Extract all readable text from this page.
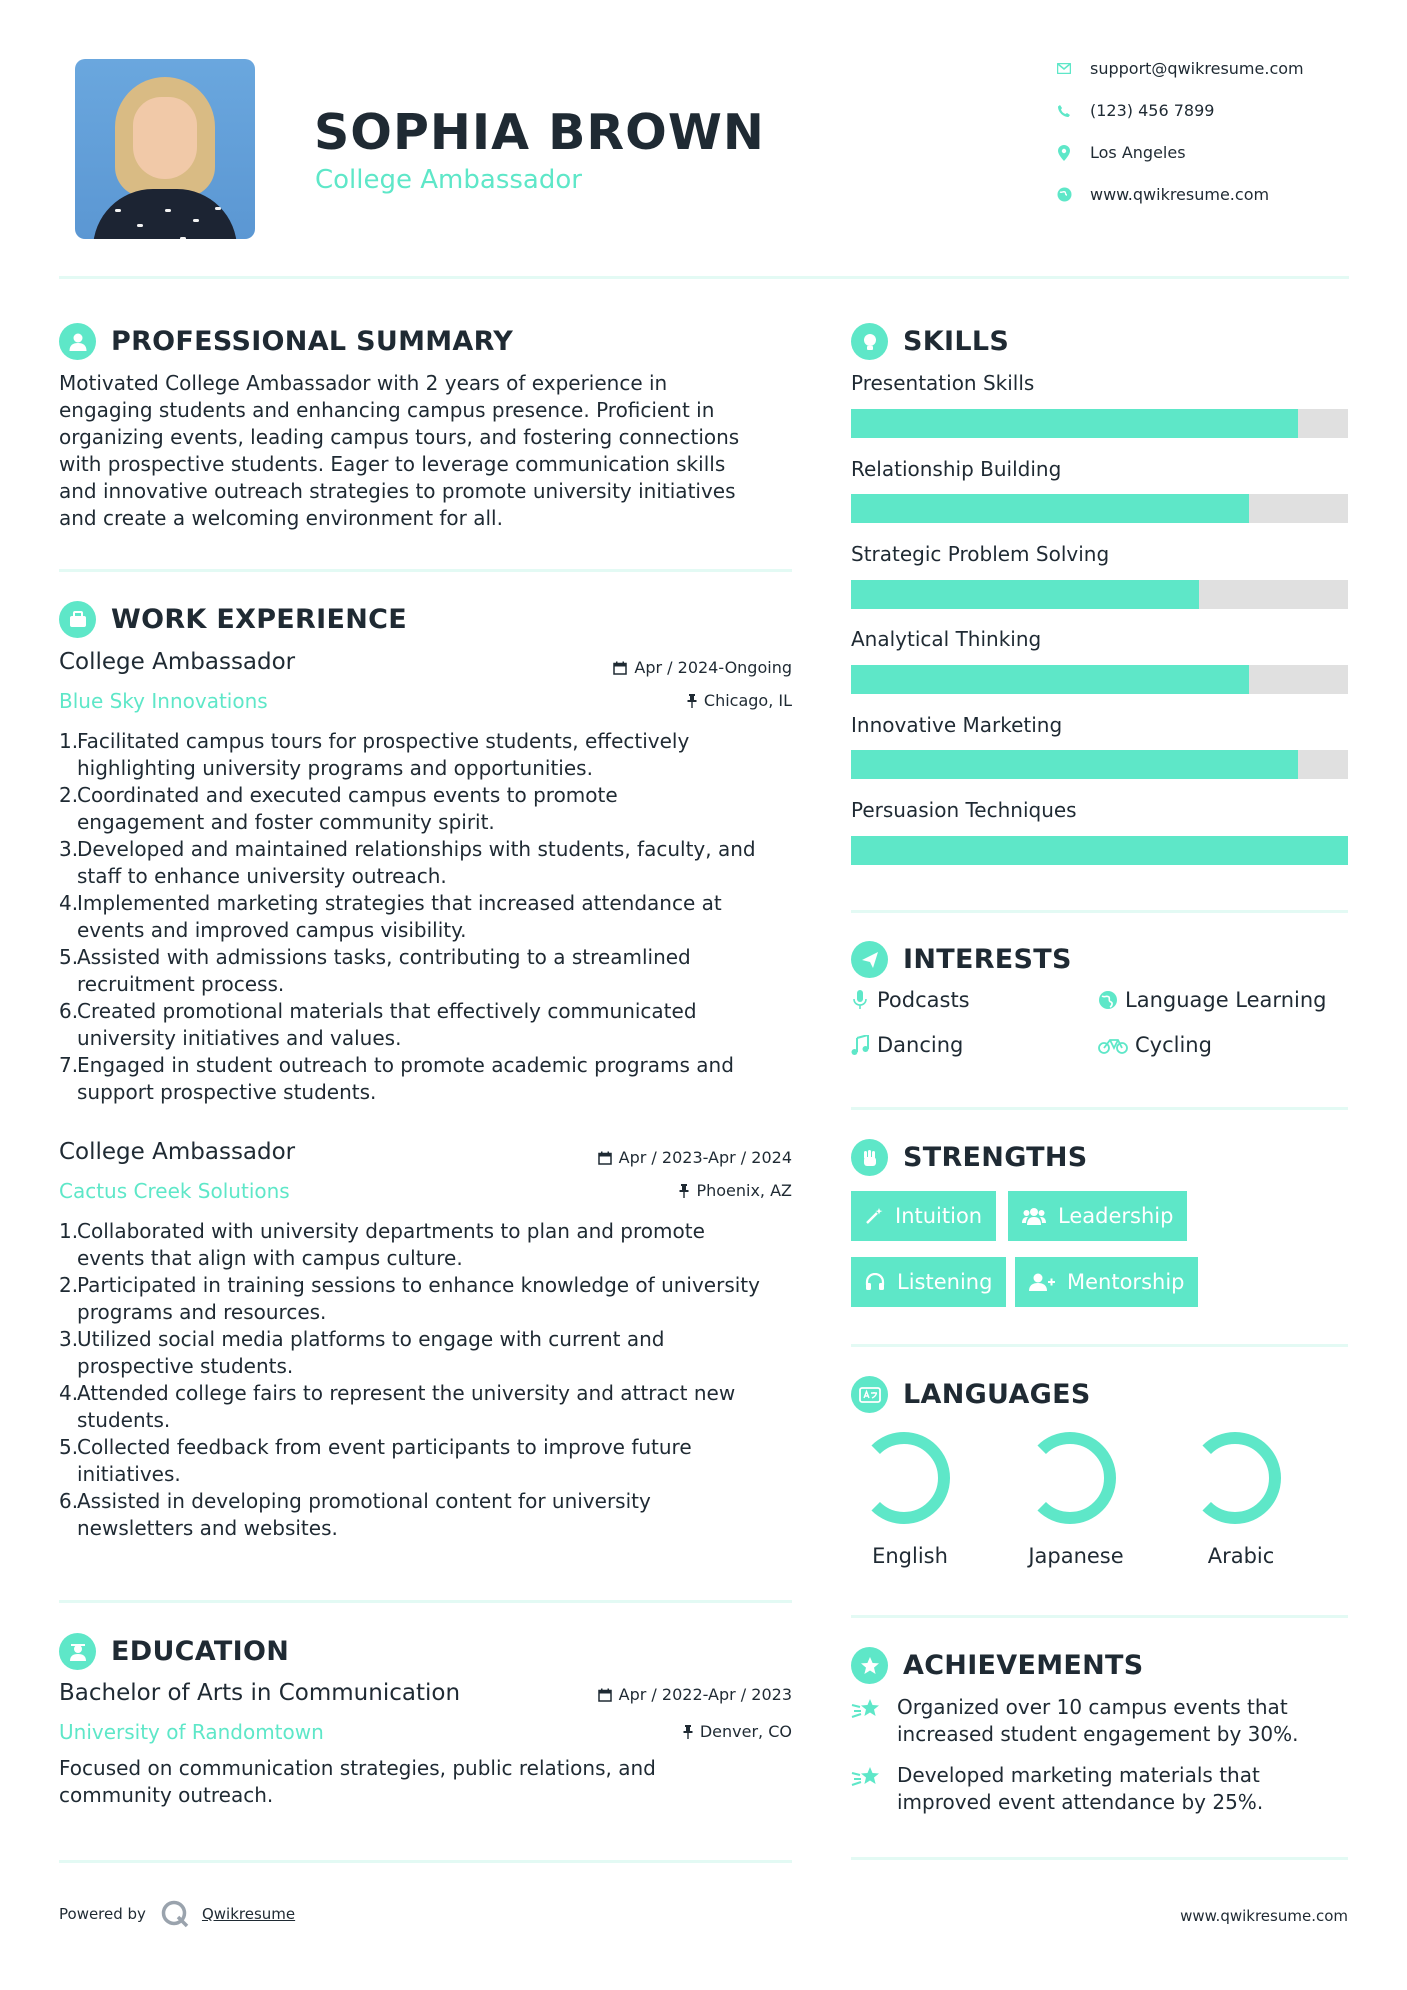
SOPHIA BROWN
College Ambassador
support@qwikresume.com
(123) 456 7899
Los Angeles
www.qwikresume.com
PROFESSIONAL SUMMARY
Motivated College Ambassador with 2 years of experience in
engaging students and enhancing campus presence. Proficient in
organizing events, leading campus tours, and fostering connections
with prospective students. Eager to leverage communication skills
and innovative outreach strategies to promote university initiatives
and create a welcoming environment for all.
WORK EXPERIENCE
College Ambassador
Blue Sky Innovations
Apr / 2024-Ongoing
Chicago, IL
1.
Facilitated campus tours for prospective students, effectively
highlighting university programs and opportunities.
2.
Coordinated and executed campus events to promote
engagement and foster community spirit.
3.
Developed and maintained relationships with students, faculty, and
staff to enhance university outreach.
4.
Implemented marketing strategies that increased attendance at
events and improved campus visibility.
5.
Assisted with admissions tasks, contributing to a streamlined
recruitment process.
6.
Created promotional materials that effectively communicated
university initiatives and values.
7.
Engaged in student outreach to promote academic programs and
support prospective students.
College Ambassador
Cactus Creek Solutions
Apr / 2023-Apr / 2024
Phoenix, AZ
1.
Collaborated with university departments to plan and promote
events that align with campus culture.
2.
Participated in training sessions to enhance knowledge of university
programs and resources.
3.
Utilized social media platforms to engage with current and
prospective students.
4.
Attended college fairs to represent the university and attract new
students.
5.
Collected feedback from event participants to improve future
initiatives.
6.
Assisted in developing promotional content for university
newsletters and websites.
EDUCATION
Bachelor of Arts in Communication
University of Randomtown
Apr / 2022-Apr / 2023
Denver, CO
Focused on communication strategies, public relations, and
community outreach.
SKILLS
Presentation Skills
Relationship Building
Strategic Problem Solving
Analytical Thinking
Innovative Marketing
Persuasion Techniques
INTERESTS
Podcasts	Language Learning
Dancing	Cycling
STRENGTHS
Intuition	Leadership
Listening	Mentorship
LANGUAGES
English	Japanese	Arabic
ACHIEVEMENTS
Organized over 10 campus events that
increased student engagement by 30%.
Developed marketing materials that
improved event attendance by 25%.
Powered by	Qwikresume	www.qwikresume.com
